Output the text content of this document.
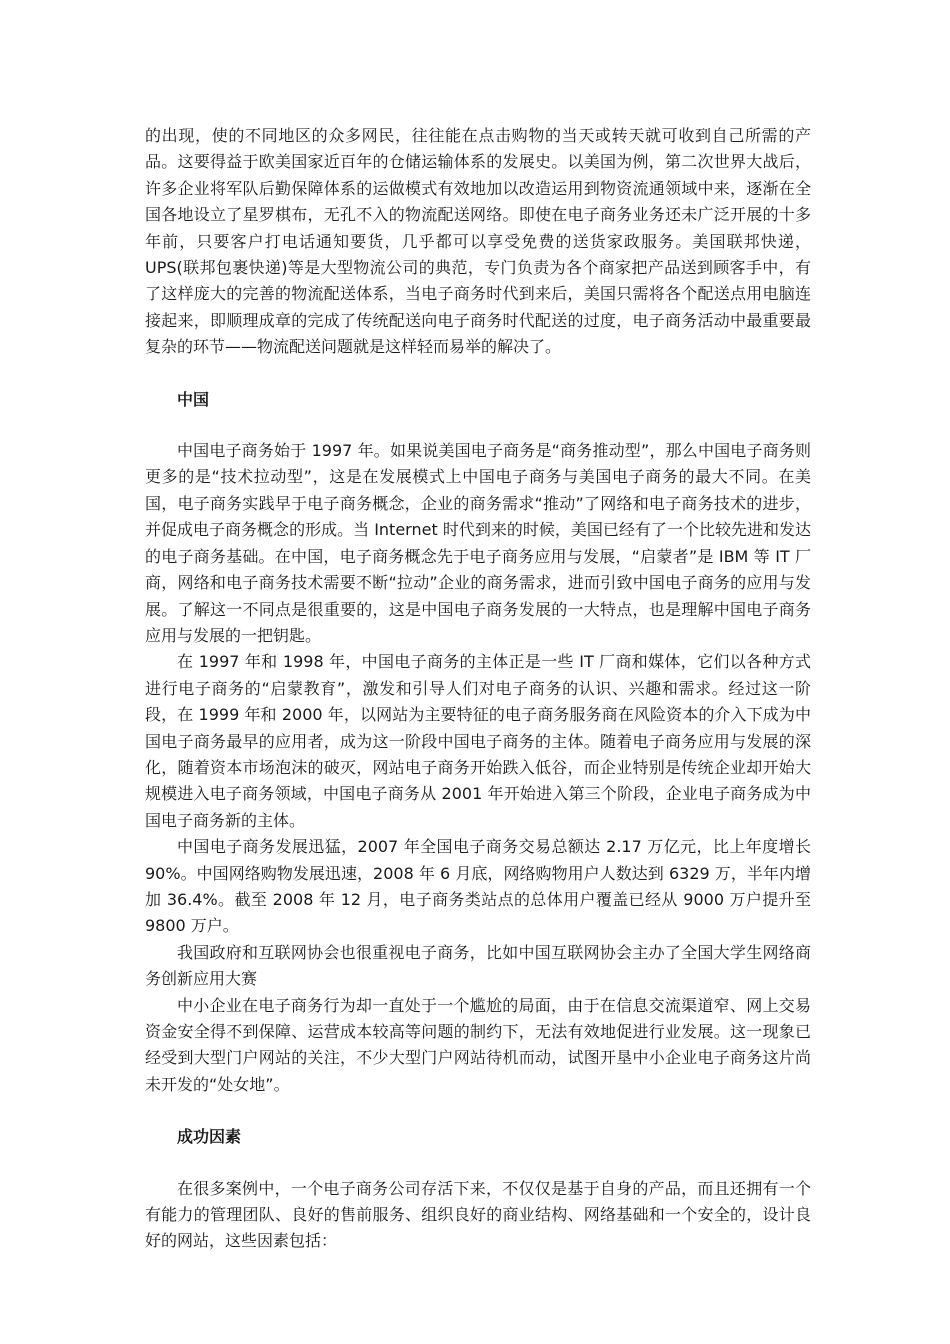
的出现，使的不同地区的众多网民，往往能在点击购物的当天或转天就可收到自己所需的产品。这要得益于欧美国家近百年的仓储运输体系的发展史。以美国为例，第二次世界大战后，许多企业将军队后勤保障体系的运做模式有效地加以改造运用到物资流通领域中来，逐渐在全国各地设立了星罗棋布，无孔不入的物流配送网络。即使在电子商务业务还未广泛开展的十多年前，只要客户打电话通知要货，几乎都可以享受免费的送货家政服务。美国联邦快递，UPS(联邦包裹快递)等是大型物流公司的典范，专门负责为各个商家把产品送到顾客手中，有了这样庞大的完善的物流配送体系，当电子商务时代到来后，美国只需将各个配送点用电脑连接起来，即顺理成章的完成了传统配送向电子商务时代配送的过度，电子商务活动中最重要最复杂的环节——物流配送问题就是这样轻而易举的解决了。

中国

中国电子商务始于 1997 年。如果说美国电子商务是“商务推动型”，那么中国电子商务则更多的是“技术拉动型”，这是在发展模式上中国电子商务与美国电子商务的最大不同。在美国，电子商务实践早于电子商务概念，企业的商务需求“推动”了网络和电子商务技术的进步，并促成电子商务概念的形成。当 Internet 时代到来的时候，美国已经有了一个比较先进和发达的电子商务基础。在中国，电子商务概念先于电子商务应用与发展，“启蒙者”是 IBM 等 IT 厂商，网络和电子商务技术需要不断“拉动”企业的商务需求，进而引致中国电子商务的应用与发展。了解这一不同点是很重要的，这是中国电子商务发展的一大特点，也是理解中国电子商务应用与发展的一把钥匙。

在 1997 年和 1998 年，中国电子商务的主体正是一些 IT 厂商和媒体，它们以各种方式进行电子商务的“启蒙教育”，激发和引导人们对电子商务的认识、兴趣和需求。经过这一阶段，在 1999 年和 2000 年，以网站为主要特征的电子商务服务商在风险资本的介入下成为中国电子商务最早的应用者，成为这一阶段中国电子商务的主体。随着电子商务应用与发展的深化，随着资本市场泡沫的破灭，网站电子商务开始跌入低谷，而企业特别是传统企业却开始大规模进入电子商务领域，中国电子商务从 2001 年开始进入第三个阶段，企业电子商务成为中国电子商务新的主体。

中国电子商务发展迅猛，2007 年全国电子商务交易总额达 2.17 万亿元，比上年度增长 90%。中国网络购物发展迅速，2008 年 6 月底，网络购物用户人数达到 6329 万，半年内增加 36.4%。截至 2008 年 12 月，电子商务类站点的总体用户覆盖已经从 9000 万户提升至 9800 万户。

我国政府和互联网协会也很重视电子商务，比如中国互联网协会主办了全国大学生网络商务创新应用大赛

中小企业在电子商务行为却一直处于一个尴尬的局面，由于在信息交流渠道窄、网上交易资金安全得不到保障、运营成本较高等问题的制约下，无法有效地促进行业发展。这一现象已经受到大型门户网站的关注，不少大型门户网站待机而动，试图开垦中小企业电子商务这片尚未开发的“处女地”。

成功因素

在很多案例中，一个电子商务公司存活下来，不仅仅是基于自身的产品，而且还拥有一个有能力的管理团队、良好的售前服务、组织良好的商业结构、网络基础和一个安全的，设计良好的网站，这些因素包括：
